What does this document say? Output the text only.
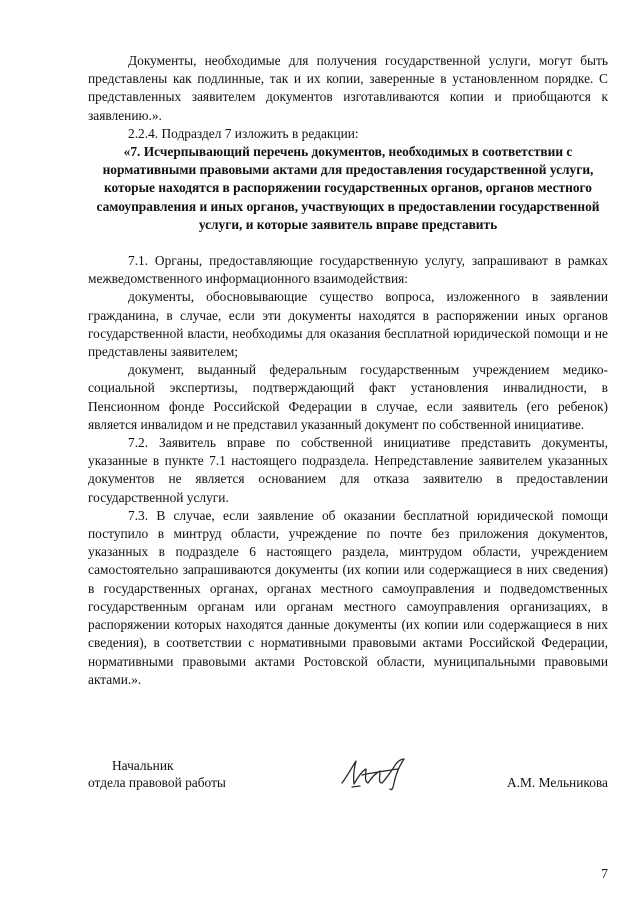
Документы, необходимые для получения государственной услуги, могут быть представлены как подлинные, так и их копии, заверенные в установленном порядке. С представленных заявителем документов изготавливаются копии и приобщаются к заявлению.».

2.2.4. Подраздел 7 изложить в редакции:

«7. Исчерпывающий перечень документов, необходимых в соответствии с нормативными правовыми актами для предоставления государственной услуги, которые находятся в распоряжении государственных органов, органов местного самоуправления и иных органов, участвующих в предоставлении государственной услуги, и которые заявитель вправе представить

7.1. Органы, предоставляющие государственную услугу, запрашивают в рамках межведомственного информационного взаимодействия:

документы, обосновывающие существо вопроса, изложенного в заявлении гражданина, в случае, если эти документы находятся в распоряжении иных органов государственной власти, необходимы для оказания бесплатной юридической помощи и не представлены заявителем;

документ, выданный федеральным государственным учреждением медико-социальной экспертизы, подтверждающий факт установления инвалидности, в Пенсионном фонде Российской Федерации в случае, если заявитель (его ребенок) является инвалидом и не представил указанный документ по собственной инициативе.

7.2. Заявитель вправе по собственной инициативе представить документы, указанные в пункте 7.1 настоящего подраздела. Непредставление заявителем указанных документов не является основанием для отказа заявителю в предоставлении государственной услуги.

7.3. В случае, если заявление об оказании бесплатной юридической помощи поступило в минтруд области, учреждение по почте без приложения документов, указанных в подразделе 6 настоящего раздела, минтрудом области, учреждением самостоятельно запрашиваются документы (их копии или содержащиеся в них сведения) в государственных органах, органах местного самоуправления и подведомственных государственным органам или органам местного самоуправления организациях, в распоряжении которых находятся данные документы (их копии или содержащиеся в них сведения), в соответствии с нормативными правовыми актами Российской Федерации, нормативными правовыми актами Ростовской области, муниципальными правовыми актами.».

Начальник
отдела правовой работы	А.М. Мельникова
7
